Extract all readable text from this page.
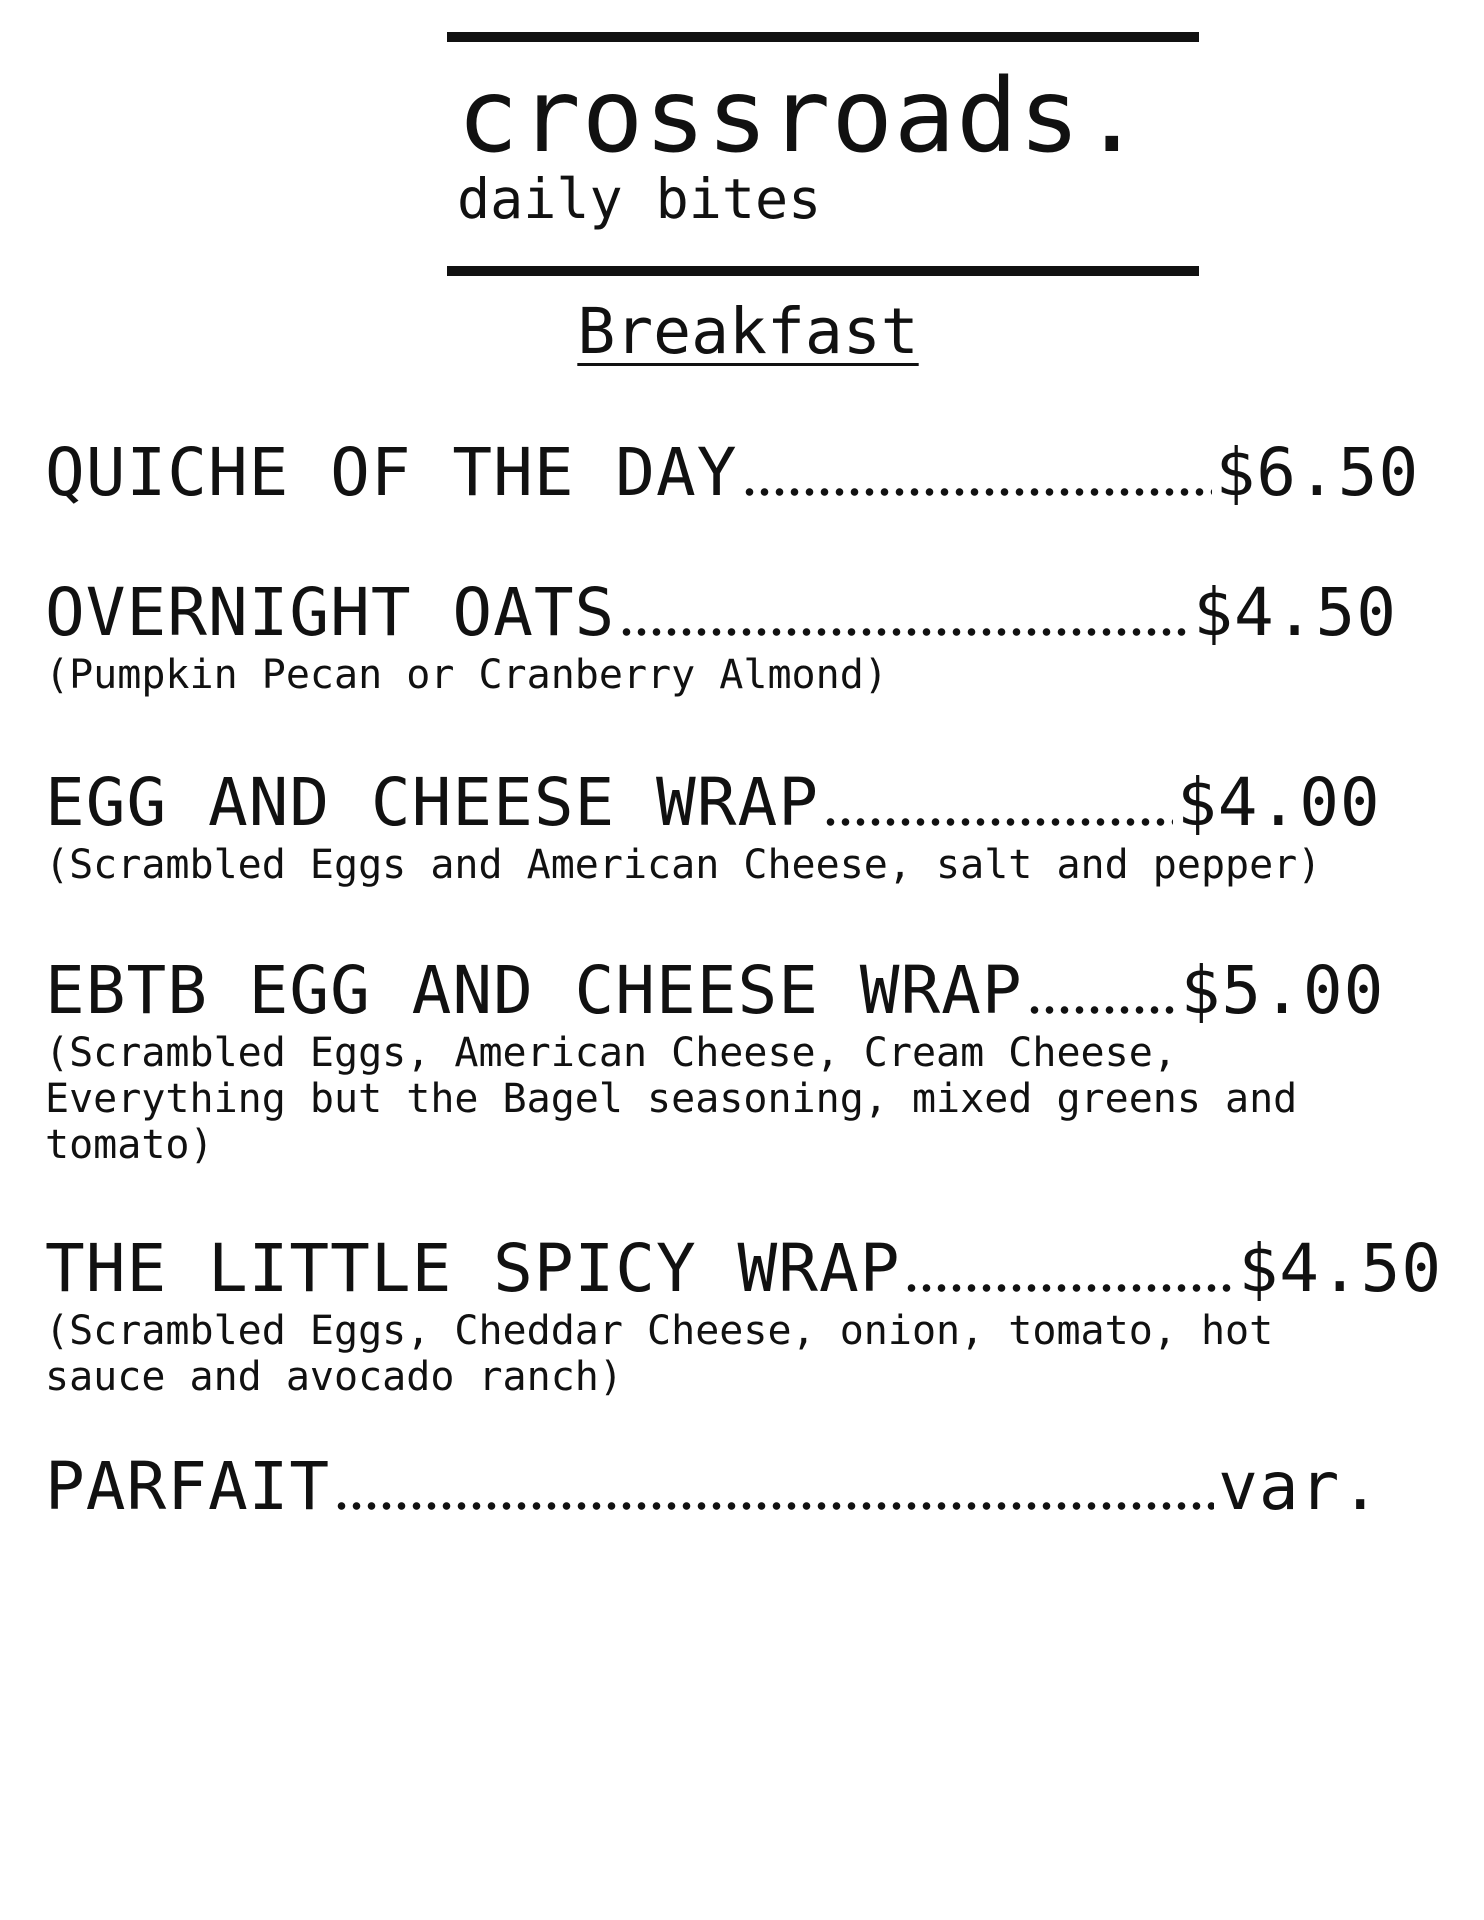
crossroads.
daily bites
Breakfast
QUICHE OF THE DAY	$6.50
OVERNIGHT OATS	$4.50
(Pumpkin Pecan or Cranberry Almond)
EGG AND CHEESE WRAP	$4.00
(Scrambled Eggs and American Cheese, salt and pepper)
EBTB EGG AND CHEESE WRAP $5.00
(Scrambled Eggs, American Cheese, Cream Cheese,
Everything but the Bagel seasoning, mixed greens and
tomato)
THE LITTLE SPICY WRAP	$4.50
(Scrambled Eggs, Cheddar Cheese, onion, tomato, hot
sauce and avocado ranch)
PARFAIT	var.
